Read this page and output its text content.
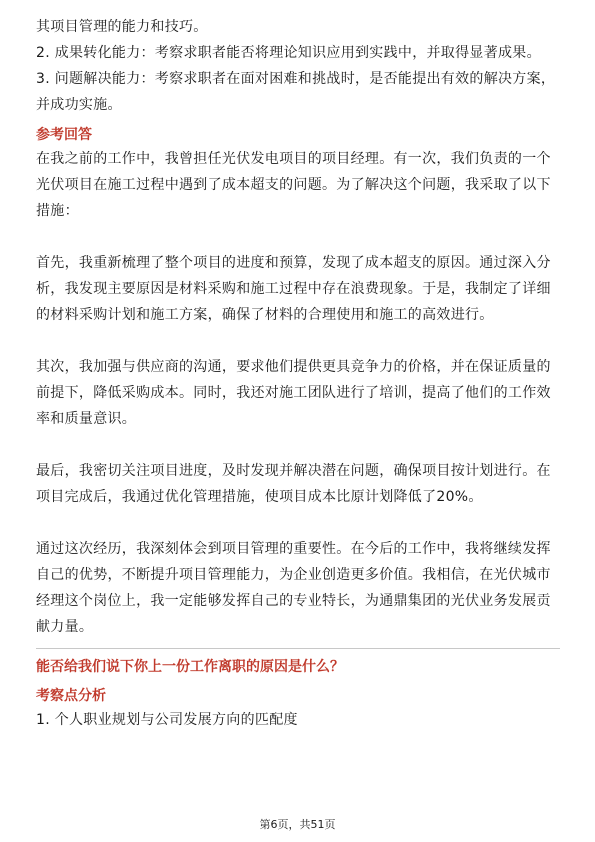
其项目管理的能力和技巧。

2. 成果转化能力：考察求职者能否将理论知识应用到实践中，并取得显著成果。

3. 问题解决能力：考察求职者在面对困难和挑战时，是否能提出有效的解决方案，并成功实施。

参考回答

在我之前的工作中，我曾担任光伏发电项目的项目经理。有一次，我们负责的一个光伏项目在施工过程中遇到了成本超支的问题。为了解决这个问题，我采取了以下措施：

首先，我重新梳理了整个项目的进度和预算，发现了成本超支的原因。通过深入分析，我发现主要原因是材料采购和施工过程中存在浪费现象。于是，我制定了详细的材料采购计划和施工方案，确保了材料的合理使用和施工的高效进行。

其次，我加强与供应商的沟通，要求他们提供更具竞争力的价格，并在保证质量的前提下，降低采购成本。同时，我还对施工团队进行了培训，提高了他们的工作效率和质量意识。

最后，我密切关注项目进度，及时发现并解决潜在问题，确保项目按计划进行。在项目完成后，我通过优化管理措施，使项目成本比原计划降低了20%。

通过这次经历，我深刻体会到项目管理的重要性。在今后的工作中，我将继续发挥自己的优势，不断提升项目管理能力，为企业创造更多价值。我相信，在光伏城市经理这个岗位上，我一定能够发挥自己的专业特长，为通鼎集团的光伏业务发展贡献力量。

能否给我们说下你上一份工作离职的原因是什么？
考察点分析

1. 个人职业规划与公司发展方向的匹配度

第6页，共51页
